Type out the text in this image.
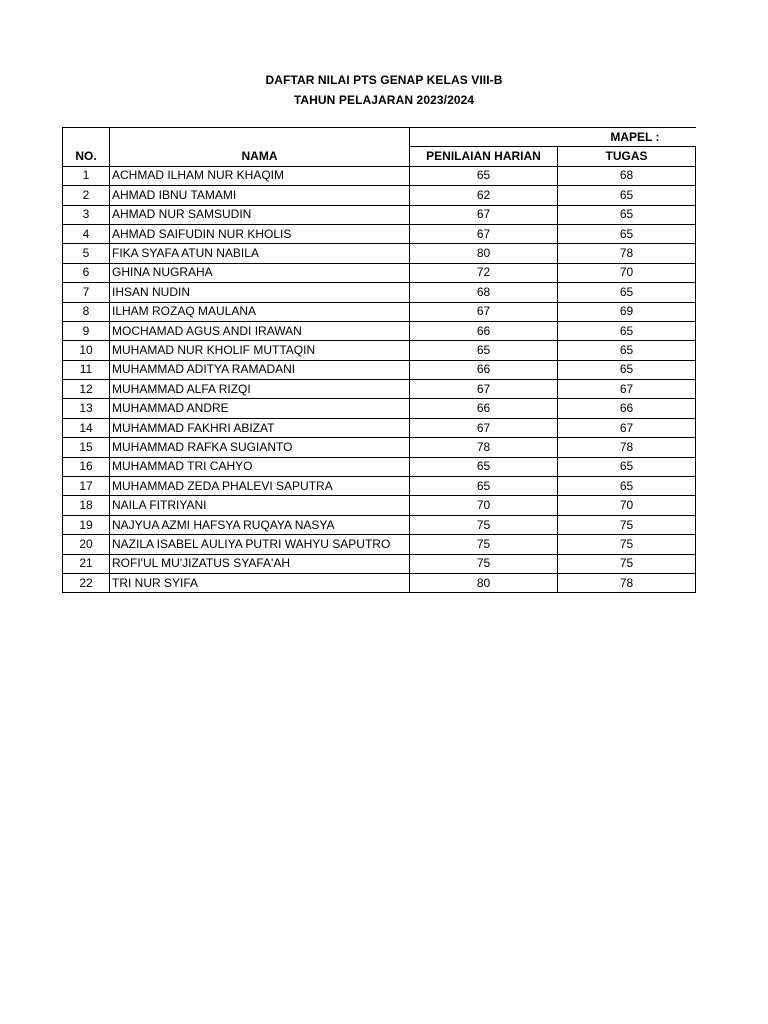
DAFTAR NILAI PTS GENAP KELAS VIII-B
TAHUN PELAJARAN 2023/2024
		MAPEL :	
NO.	NAMA	PENILAIAN HARIAN	TUGAS
1	ACHMAD ILHAM NUR KHAQIM	65	68
2	AHMAD IBNU TAMAMI	62	65
3	AHMAD NUR SAMSUDIN	67	65
4	AHMAD SAIFUDIN NUR KHOLIS	67	65
5	FIKA SYAFA ATUN NABILA	80	78
6	GHINA NUGRAHA	72	70
7	IHSAN NUDIN	68	65
8	ILHAM ROZAQ MAULANA	67	69
9	MOCHAMAD AGUS ANDI IRAWAN	66	65
10	MUHAMAD NUR KHOLIF MUTTAQIN	65	65
11	MUHAMMAD ADITYA RAMADANI	66	65
12	MUHAMMAD ALFA RIZQI	67	67
13	MUHAMMAD ANDRE	66	66
14	MUHAMMAD FAKHRI ABIZAT	67	67
15	MUHAMMAD RAFKA SUGIANTO	78	78
16	MUHAMMAD TRI CAHYO	65	65
17	MUHAMMAD ZEDA PHALEVI SAPUTRA	65	65
18	NAILA FITRIYANI	70	70
19	NAJYUA AZMI HAFSYA RUQAYA NASYA	75	75
20	NAZILA ISABEL AULIYA PUTRI WAHYU SAPUTRO	75	75
21	ROFI'UL MU'JIZATUS SYAFA'AH	75	75
22	TRI NUR SYIFA	80	78
